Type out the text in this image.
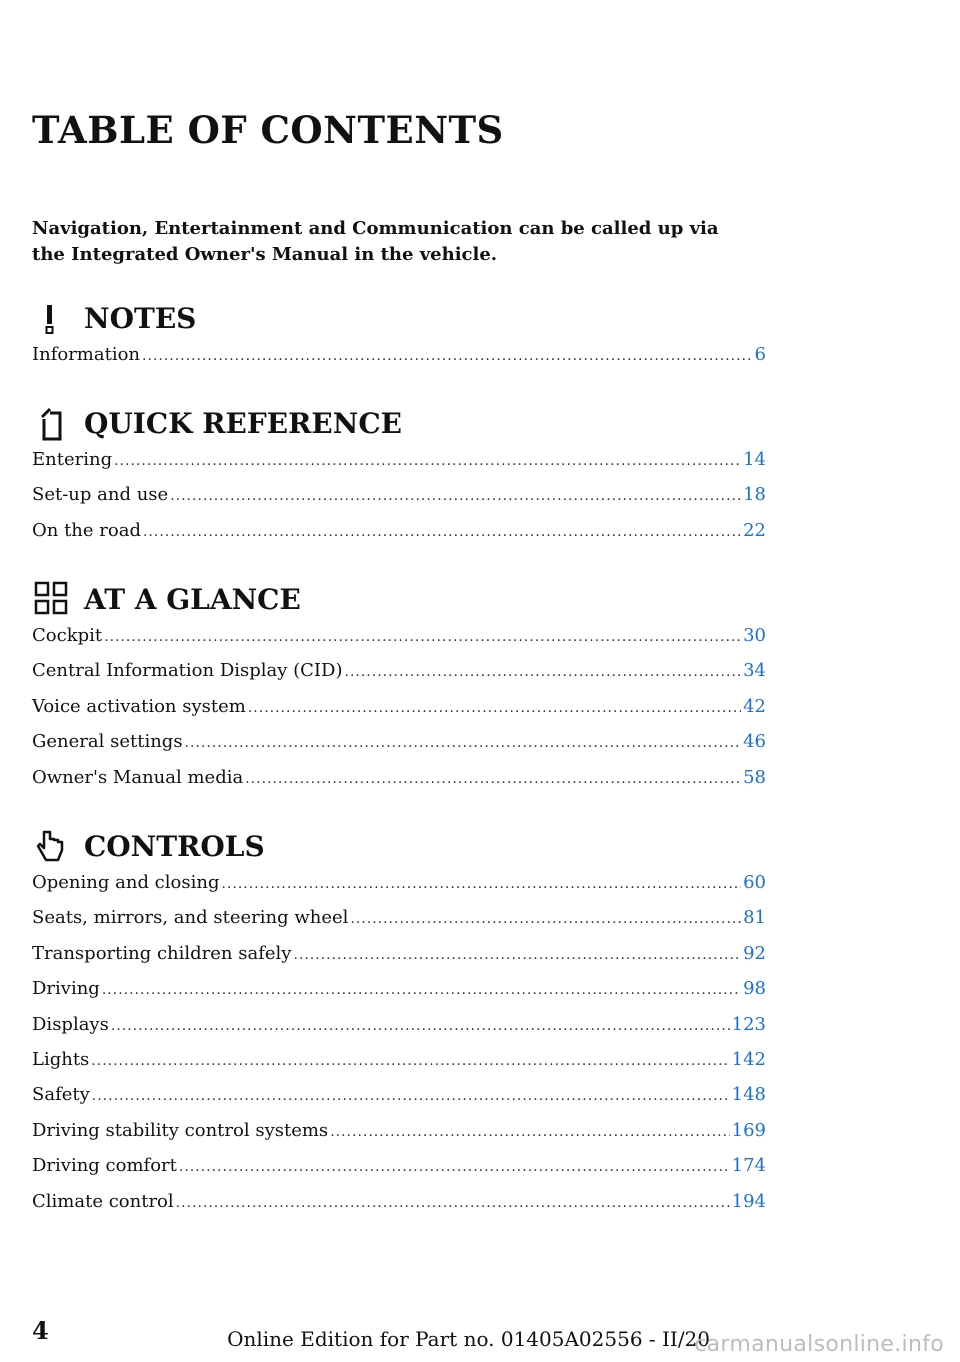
TABLE OF CONTENTS

Navigation, Entertainment and Communication can be called up via the Integrated Owner's Manual in the vehicle.

NOTES
Information .....	6
QUICK REFERENCE
Entering .....	14
Set-up and use .....	18
On the road .....	22
AT A GLANCE
Cockpit .....	30
Central Information Display (CID) .....	34
Voice activation system .....	42
General settings .....	46
Owner's Manual media .....	58
CONTROLS
Opening and closing .....	60
Seats, mirrors, and steering wheel .....	81
Transporting children safely .....	92
Driving .....	98
Displays .....	123
Lights .....	142
Safety .....	148
Driving stability control systems .....	169
Driving comfort .....	174
Climate control .....	194
4	Online Edition for Part no. 01405A02556 - II/20
carmanualsonline.info
